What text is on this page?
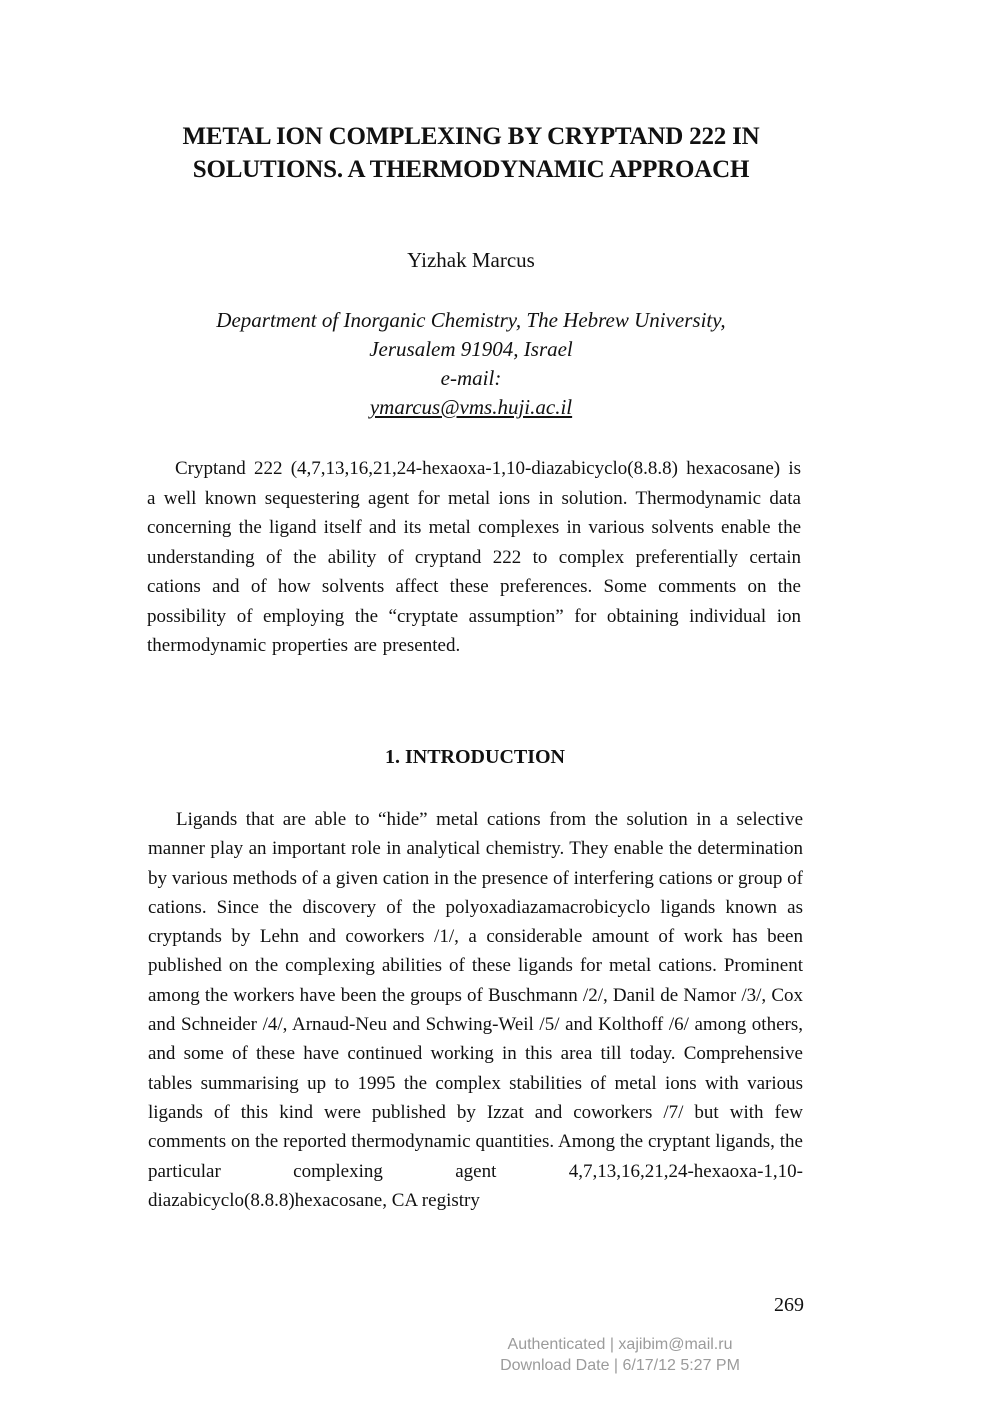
METAL ION COMPLEXING BY CRYPTAND 222 IN
SOLUTIONS. A THERMODYNAMIC APPROACH
Yizhak Marcus
Department of Inorganic Chemistry, The Hebrew University,
Jerusalem 91904, Israel
e-mail:
ymarcus@vms.huji.ac.il

Cryptand 222 (4,7,13,16,21,24-hexaoxa-1,10-diazabicyclo(8.8.8) hexacosane) is a well known sequestering agent for metal ions in solution. Thermodynamic data concerning the ligand itself and its metal complexes in various solvents enable the understanding of the ability of cryptand 222 to complex preferentially certain cations and of how solvents affect these preferences. Some comments on the possibility of employing the “cryptate assumption” for obtaining individual ion thermodynamic properties are presented.

1. INTRODUCTION

Ligands that are able to “hide” metal cations from the solution in a selective manner play an important role in analytical chemistry. They enable the determination by various methods of a given cation in the presence of interfering cations or group of cations. Since the discovery of the polyoxadiazamacrobicyclo ligands known as cryptands by Lehn and coworkers /1/, a considerable amount of work has been published on the complexing abilities of these ligands for metal cations. Prominent among the workers have been the groups of Buschmann /2/, Danil de Namor /3/, Cox and Schneider /4/, Arnaud-Neu and Schwing-Weil /5/ and Kolthoff /6/ among others, and some of these have continued working in this area till today. Comprehensive tables summarising up to 1995 the complex stabilities of metal ions with various ligands of this kind were published by Izzat and coworkers /7/ but with few comments on the reported thermodynamic quantities. Among the cryptant ligands, the particular complexing agent 4,7,13,16,21,24-hexaoxa-1,10-diazabicyclo(8.8.8)hexacosane, CA registry

269
Authenticated | xajibim@mail.ru
Download Date | 6/17/12 5:27 PM
